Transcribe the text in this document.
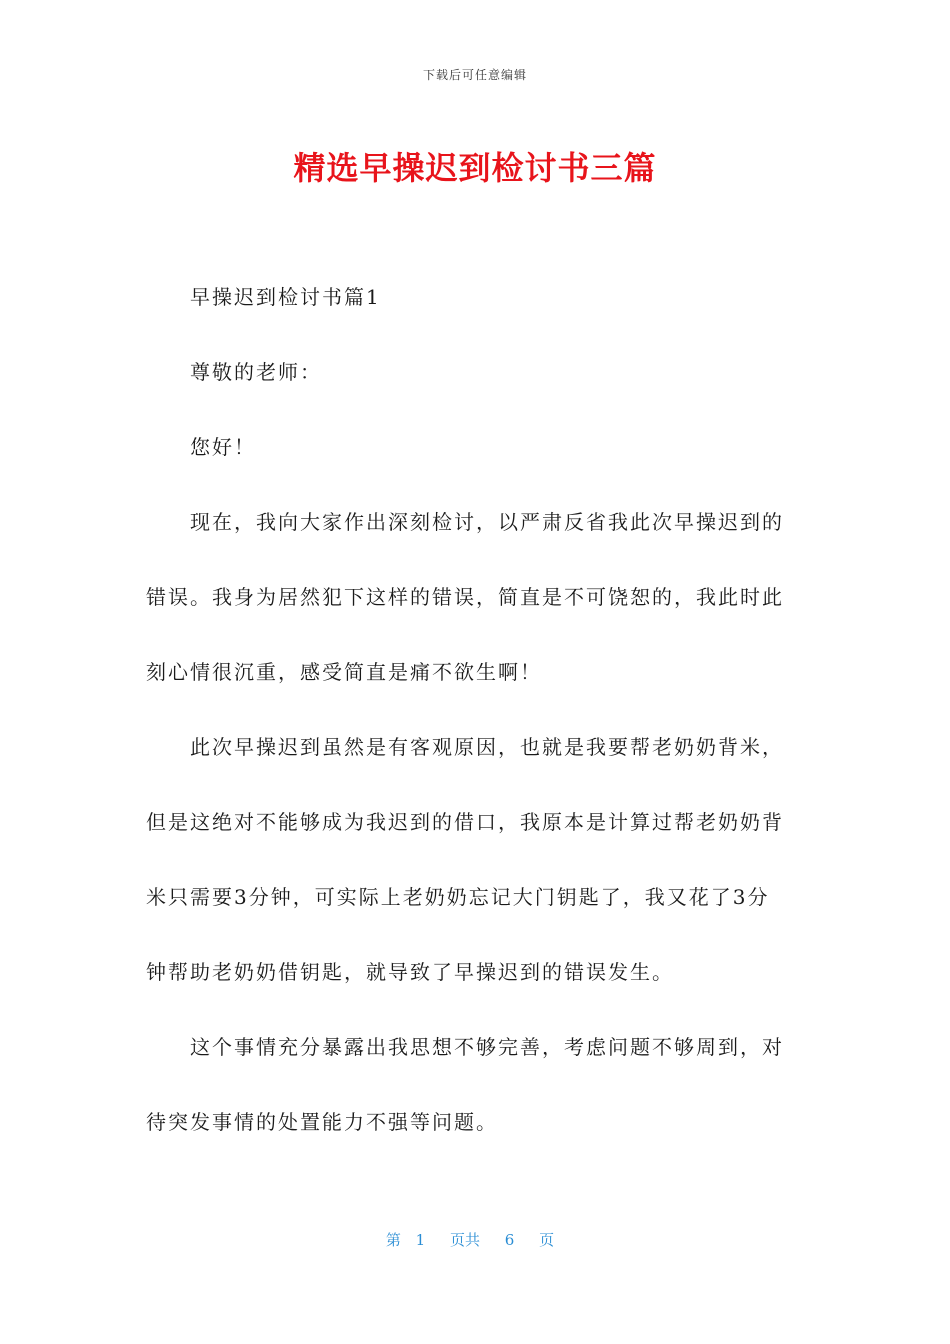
下载后可任意编辑
精选早操迟到检讨书三篇
早操迟到检讨书篇1
尊敬的老师：
您好！
现在，我向大家作出深刻检讨，以严肃反省我此次早操迟到的
错误。我身为居然犯下这样的错误，简直是不可饶恕的，我此时此
刻心情很沉重，感受简直是痛不欲生啊！
此次早操迟到虽然是有客观原因，也就是我要帮老奶奶背米，
但是这绝对不能够成为我迟到的借口，我原本是计算过帮老奶奶背
米只需要3分钟，可实际上老奶奶忘记大门钥匙了，我又花了3分
钟帮助老奶奶借钥匙，就导致了早操迟到的错误发生。
这个事情充分暴露出我思想不够完善，考虑问题不够周到，对
待突发事情的处置能力不强等问题。
第 1 页共 6 页
